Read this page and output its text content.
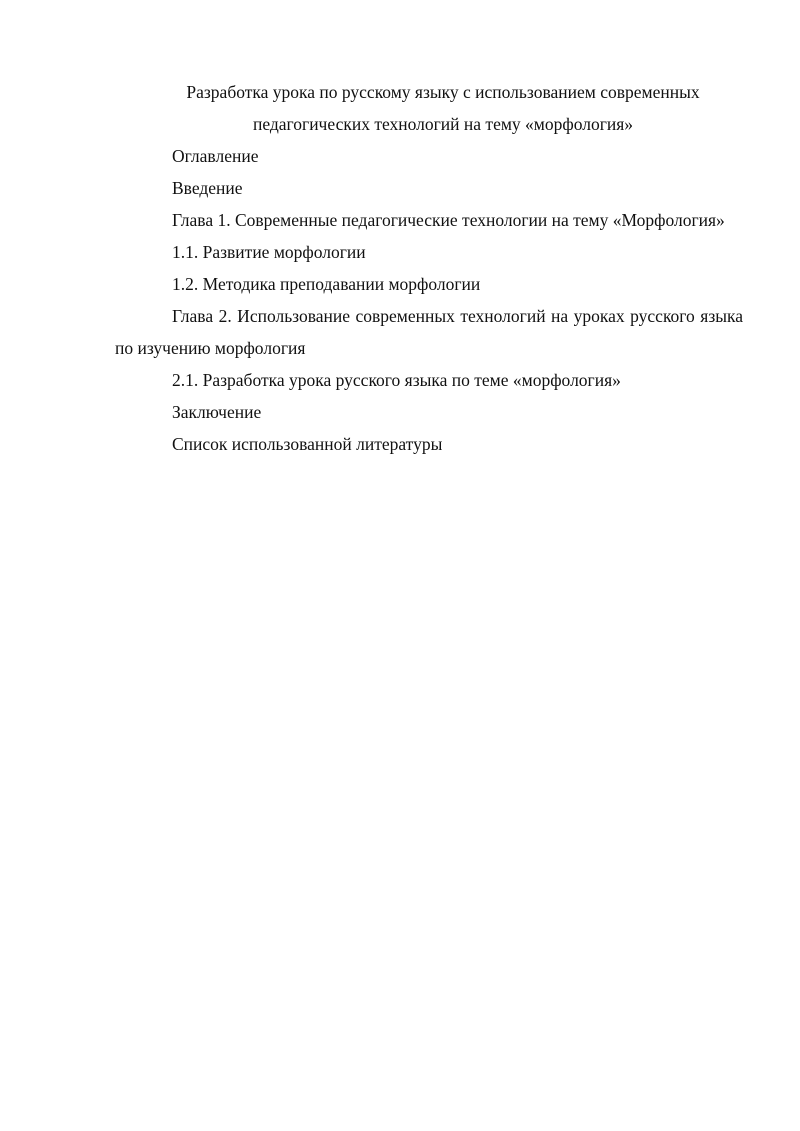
Разработка урока по русскому языку с использованием современных педагогических технологий на тему «морфология»

Оглавление

Введение

Глава 1. Современные педагогические технологии на тему «Морфология»

1.1. Развитие морфологии

1.2. Методика преподавании морфологии

Глава 2. Использование современных технологий на уроках русского языка по изучению морфология

2.1. Разработка урока русского языка по теме «морфология»

Заключение

Список использованной литературы
